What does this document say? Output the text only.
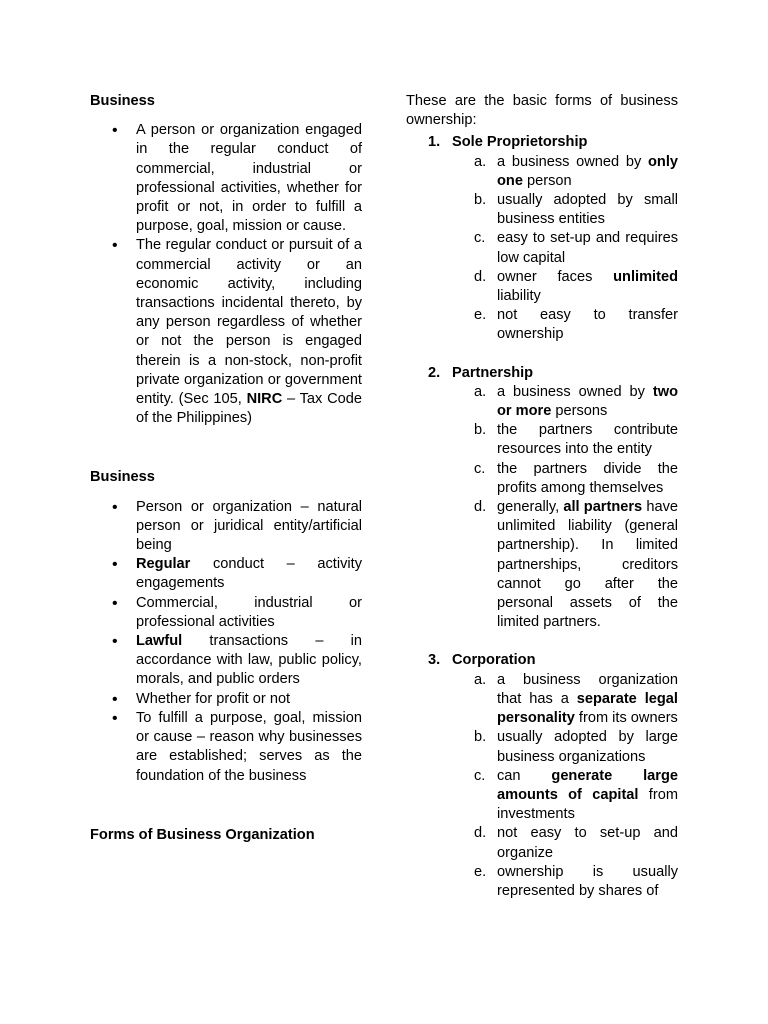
Business

• A person or organization engaged in the regular conduct of commercial, industrial or professional activities, whether for profit or not, in order to fulfill a purpose, goal, mission or cause.
• The regular conduct or pursuit of a commercial activity or an economic activity, including transactions incidental thereto, by any person regardless of whether or not the person is engaged therein is a non-stock, non-profit private organization or government entity. (Sec 105, NIRC – Tax Code of the Philippines)

Business

• Person or organization – natural person or juridical entity/artificial being
• Regular conduct – activity engagements
• Commercial, industrial or professional activities
• Lawful transactions – in accordance with law, public policy, morals, and public orders
• Whether for profit or not
• To fulfill a purpose, goal, mission or cause – reason why businesses are established; serves as the foundation of the business

Forms of Business Organization

These are the basic forms of business ownership:

1. Sole Proprietorship
a. a business owned by only one person
b. usually adopted by small business entities
c. easy to set-up and requires low capital
d. owner faces unlimited liability
e. not easy to transfer ownership
2. Partnership
a. a business owned by two or more persons
b. the partners contribute resources into the entity
c. the partners divide the profits among themselves
d. generally, all partners have unlimited liability (general partnership). In limited partnerships, creditors cannot go after the personal assets of the limited partners.
3. Corporation
a. a business organization that has a separate legal personality from its owners
b. usually adopted by large business organizations
c. can generate large amounts of capital from investments
d. not easy to set-up and organize
e. ownership is usually represented by shares of
